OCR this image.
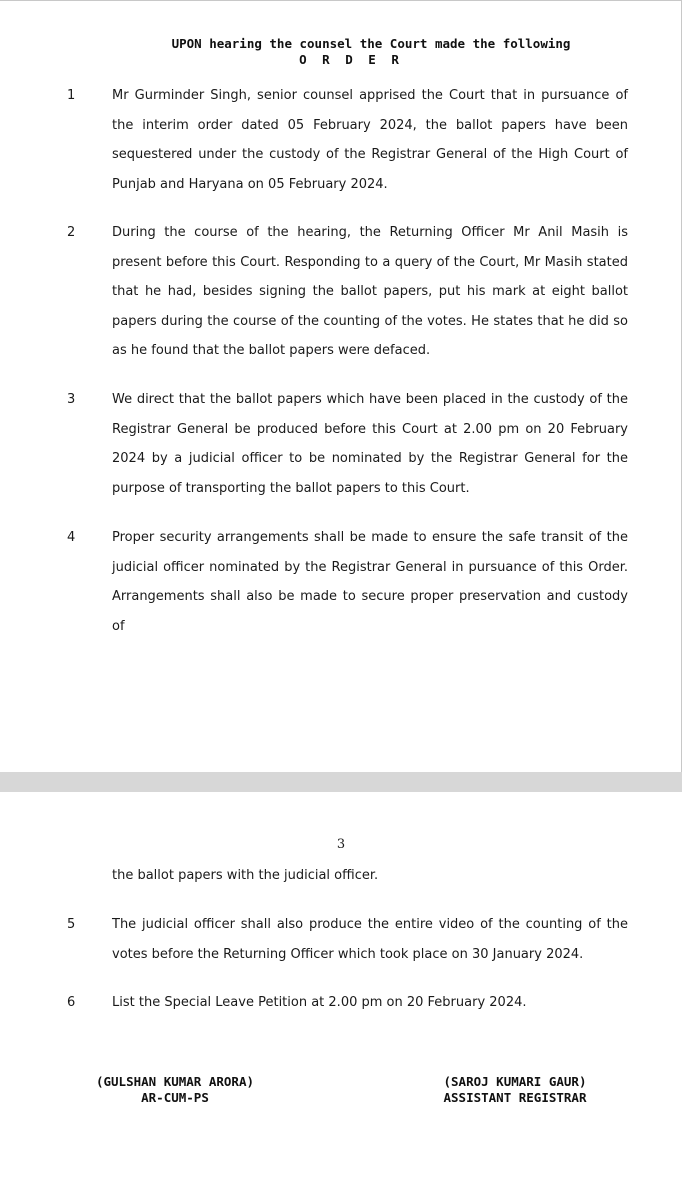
UPON hearing the counsel the Court made the following
O R D E R
1	Mr Gurminder Singh, senior counsel apprised the Court that in pursuance of the interim order dated 05 February 2024, the ballot papers have been sequestered under the custody of the Registrar General of the High Court of Punjab and Haryana on 05 February 2024.

2	During the course of the hearing, the Returning Officer Mr Anil Masih is present before this Court. Responding to a query of the Court, Mr Masih stated that he had, besides signing the ballot papers, put his mark at eight ballot papers during the course of the counting of the votes. He states that he did so as he found that the ballot papers were defaced.

3	We direct that the ballot papers which have been placed in the custody of the Registrar General be produced before this Court at 2.00 pm on 20 February 2024 by a judicial officer to be nominated by the Registrar General for the purpose of transporting the ballot papers to this Court.

4	Proper security arrangements shall be made to ensure the safe transit of the judicial officer nominated by the Registrar General in pursuance of this Order. Arrangements shall also be made to secure proper preservation and custody of

3

the ballot papers with the judicial officer.

5	The judicial officer shall also produce the entire video of the counting of the votes before the Returning Officer which took place on 30 January 2024.

6	List the Special Leave Petition at 2.00 pm on 20 February 2024.

(GULSHAN KUMAR ARORA)
AR-CUM-PS
(SAROJ KUMARI GAUR)
ASSISTANT REGISTRAR
